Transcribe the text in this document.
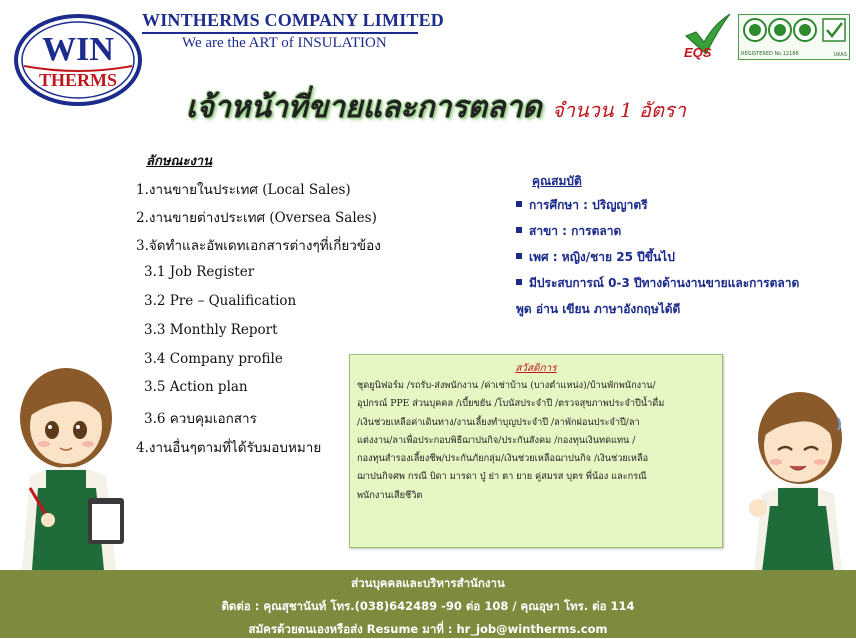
WIN
THERMS
WINTHERMS COMPANY LIMITED
We are the ART of INSULATION
EQS	REGISTERED No.12188	UKAS
เจ้าหน้าที่ขายและการตลาด จำนวน 1 อัตรา
ลักษณะงาน
1.งานขายในประเทศ (Local Sales)
2.งานขายต่างประเทศ (Oversea Sales)
3.จัดทำและอัพเดทเอกสารต่างๆที่เกี่ยวข้อง
3.1 Job Register
3.2 Pre – Qualification
3.3 Monthly Report
3.4 Company profile
3.5 Action plan
3.6 ควบคุมเอกสาร
4.งานอื่นๆตามที่ได้รับมอบหมาย
คุณสมบัติ
การศึกษา : ปริญญาตรี
สาขา : การตลาด
เพศ : หญิง/ชาย 25 ปีขึ้นไป
มีประสบการณ์ 0-3 ปีทางด้านงานขายและการตลาด
พูด อ่าน เขียน ภาษาอังกฤษได้ดี
สวัสดิการ
ชุดยูนิฟอร์ม /รถรับ-ส่งพนักงาน /ค่าเช่าบ้าน (บางตำแหน่ง)/บ้านพักพนักงาน/
อุปกรณ์ PPE ส่วนบุคคล /เบี้ยขยัน /โบนัสประจำปี /ตรวจสุขภาพประจำปีน้ำดื่ม
/เงินช่วยเหลือค่าเดินทาง/งานเลี้ยงทำบุญประจำปี /ลาพักผ่อนประจำปี/ลา
แต่งงาน/ลาเพื่อประกอบพิธีฌาปนกิจ/ประกันสังคม /กองทุนเงินทดแทน /
กองทุนสำรองเลี้ยงชีพ/ประกันภัยกลุ่ม/เงินช่วยเหลือฌาปนกิจ /เงินช่วยเหลือ
ฌาปนกิจศพ กรณี บิดา มารดา ปู่ ย่า ตา ยาย คู่สมรส บุตร พี่น้อง และกรณี
พนักงานเสียชีวิต
ส่วนบุคคลและบริหารสำนักงาน
ติดต่อ : คุณสุชานันท์ โทร.(038)642489 -90 ต่อ 108 / คุณอุษา โทร. ต่อ 114
สมัครด้วยตนเองหรือส่ง Resume มาที่ : hr_job@wintherms.com
